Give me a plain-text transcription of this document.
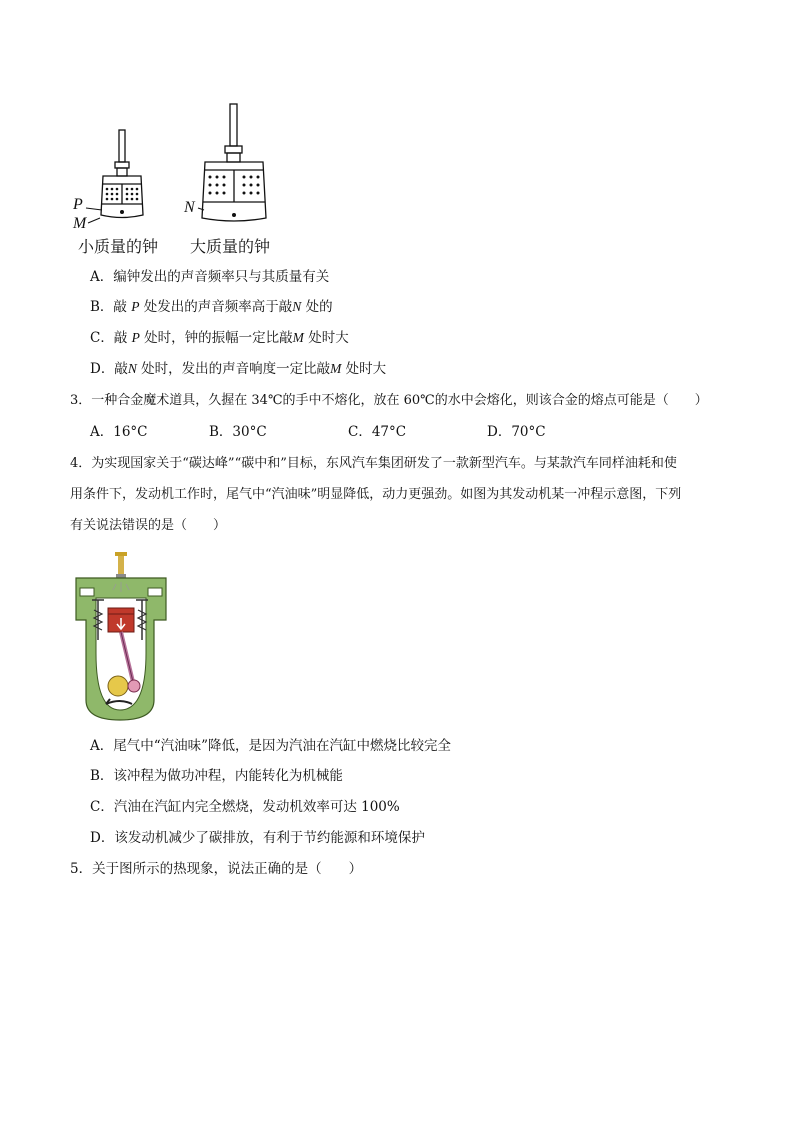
P
M
N
小质量的钟 大质量的钟
A．编钟发出的声音频率只与其质量有关
B．敲 P 处发出的声音频率高于敲N 处的
C．敲 P 处时，钟的振幅一定比敲M 处时大
D．敲N 处时，发出的声音响度一定比敲M 处时大
3．一种合金魔术道具，久握在 34℃的手中不熔化，放在 60℃的水中会熔化，则该合金的熔点可能是（　　）
A．16°C	B．30°C	C．47°C	D．70°C
4．为实现国家关于“碳达峰”“碳中和”目标，东风汽车集团研发了一款新型汽车。与某款汽车同样油耗和使
用条件下，发动机工作时，尾气中“汽油味”明显降低，动力更强劲。如图为其发动机某一冲程示意图，下列
有关说法错误的是（　　）
A．尾气中“汽油味”降低，是因为汽油在汽缸中燃烧比较完全
B．该冲程为做功冲程，内能转化为机械能
C．汽油在汽缸内完全燃烧，发动机效率可达 100%
D．该发动机减少了碳排放，有利于节约能源和环境保护
5．关于图所示的热现象，说法正确的是（　　）
